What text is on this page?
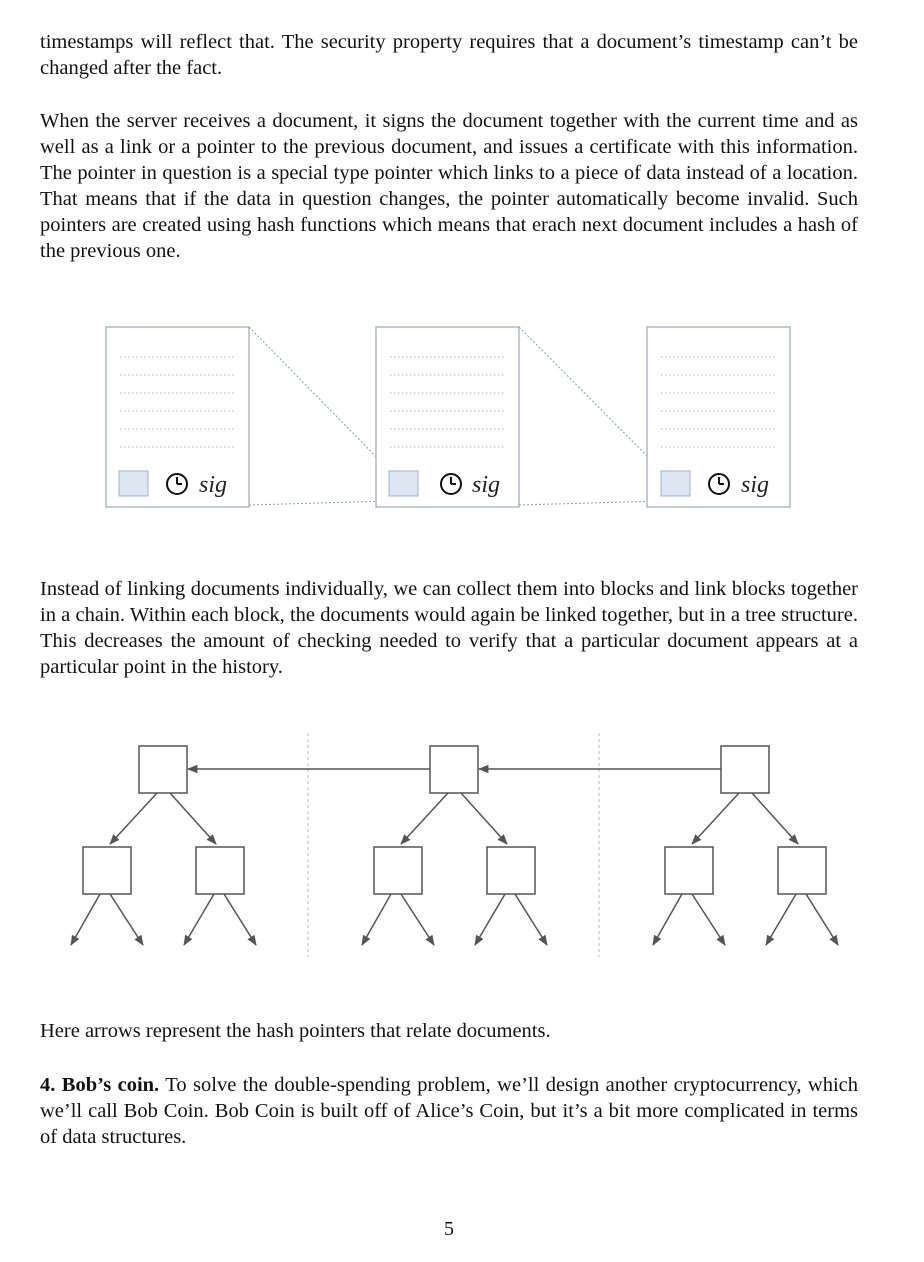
timestamps will reflect that. The security property requires that a document’s timestamp can’t be changed after the fact.

When the server receives a document, it signs the document together with the current time and as well as a link or a pointer to the previous document, and issues a certificate with this information. The pointer in question is a special type pointer which links to a piece of data instead of a location. That means that if the data in question changes, the pointer automatically become invalid. Such pointers are created using hash functions which means that erach next document includes a hash of the previous one.

sig	sig	sig

Instead of linking documents individually, we can collect them into blocks and link blocks together in a chain. Within each block, the documents would again be linked together, but in a tree structure. This decreases the amount of checking needed to verify that a particular document appears at a particular point in the history.

Here arrows represent the hash pointers that relate documents.

4. Bob’s coin. To solve the double-spending problem, we’ll design another cryptocurrency, which we’ll call Bob Coin. Bob Coin is built off of Alice’s Coin, but it’s a bit more complicated in terms of data structures.

5
